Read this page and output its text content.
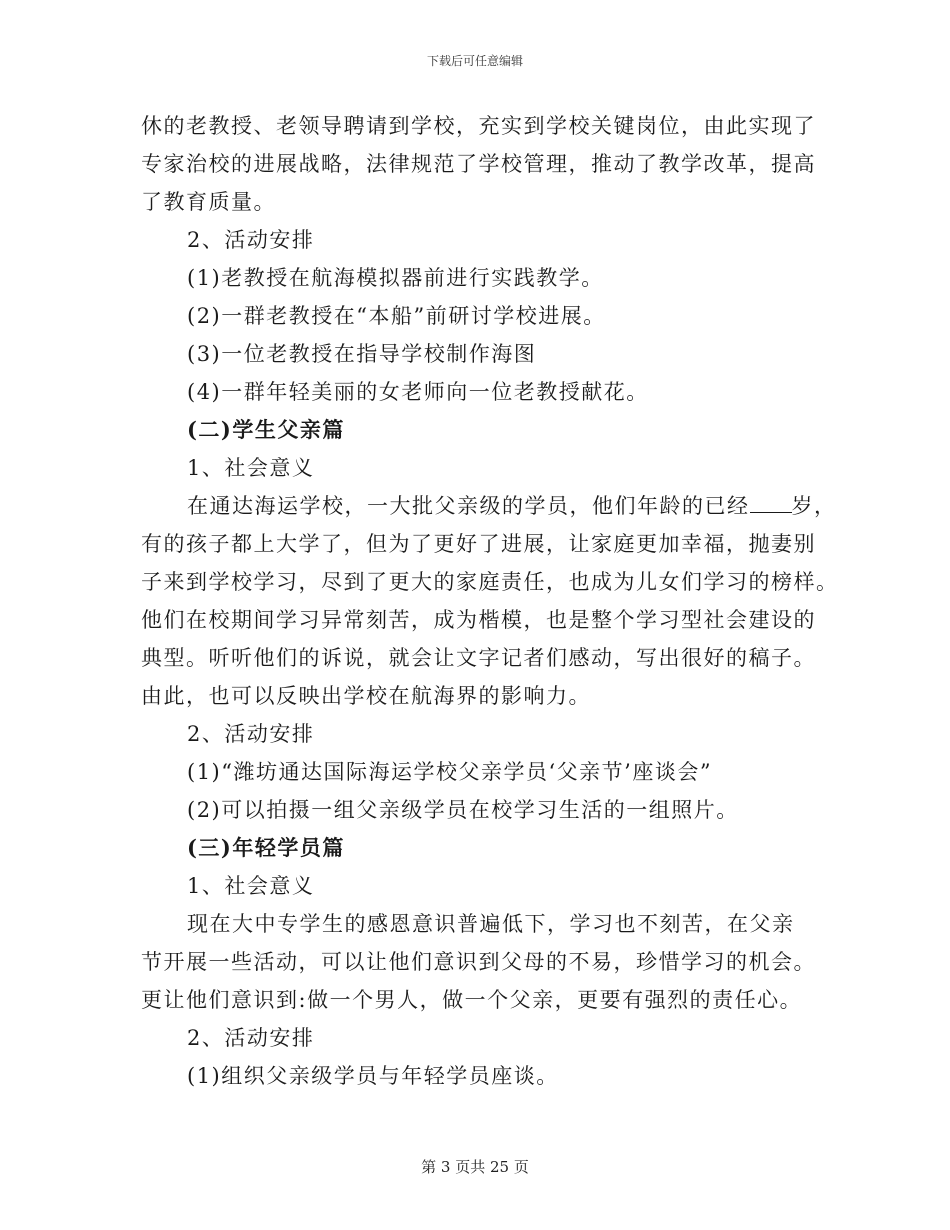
下载后可任意编辑
休的老教授、老领导聘请到学校，充实到学校关键岗位，由此实现了
专家治校的进展战略，法律规范了学校管理，推动了教学改革，提高
了教育质量。
2、活动安排
(1)老教授在航海模拟器前进行实践教学。
(2)一群老教授在“本船”前研讨学校进展。
(3)一位老教授在指导学校制作海图
(4)一群年轻美丽的女老师向一位老教授献花。
(二)学生父亲篇
1、社会意义
在通达海运学校，一大批父亲级的学员，他们年龄的已经 岁，
有的孩子都上大学了，但为了更好了进展，让家庭更加幸福，抛妻别
子来到学校学习，尽到了更大的家庭责任，也成为儿女们学习的榜样。
他们在校期间学习异常刻苦，成为楷模，也是整个学习型社会建设的
典型。听听他们的诉说，就会让文字记者们感动，写出很好的稿子。
由此，也可以反映出学校在航海界的影响力。
2、活动安排
(1)“潍坊通达国际海运学校父亲学员‘父亲节’座谈会”
(2)可以拍摄一组父亲级学员在校学习生活的一组照片。
(三)年轻学员篇
1、社会意义
现在大中专学生的感恩意识普遍低下，学习也不刻苦，在父亲
节开展一些活动，可以让他们意识到父母的不易，珍惜学习的机会。
更让他们意识到:做一个男人，做一个父亲，更要有强烈的责任心。
2、活动安排
(1)组织父亲级学员与年轻学员座谈。
第 3 页共 25 页
